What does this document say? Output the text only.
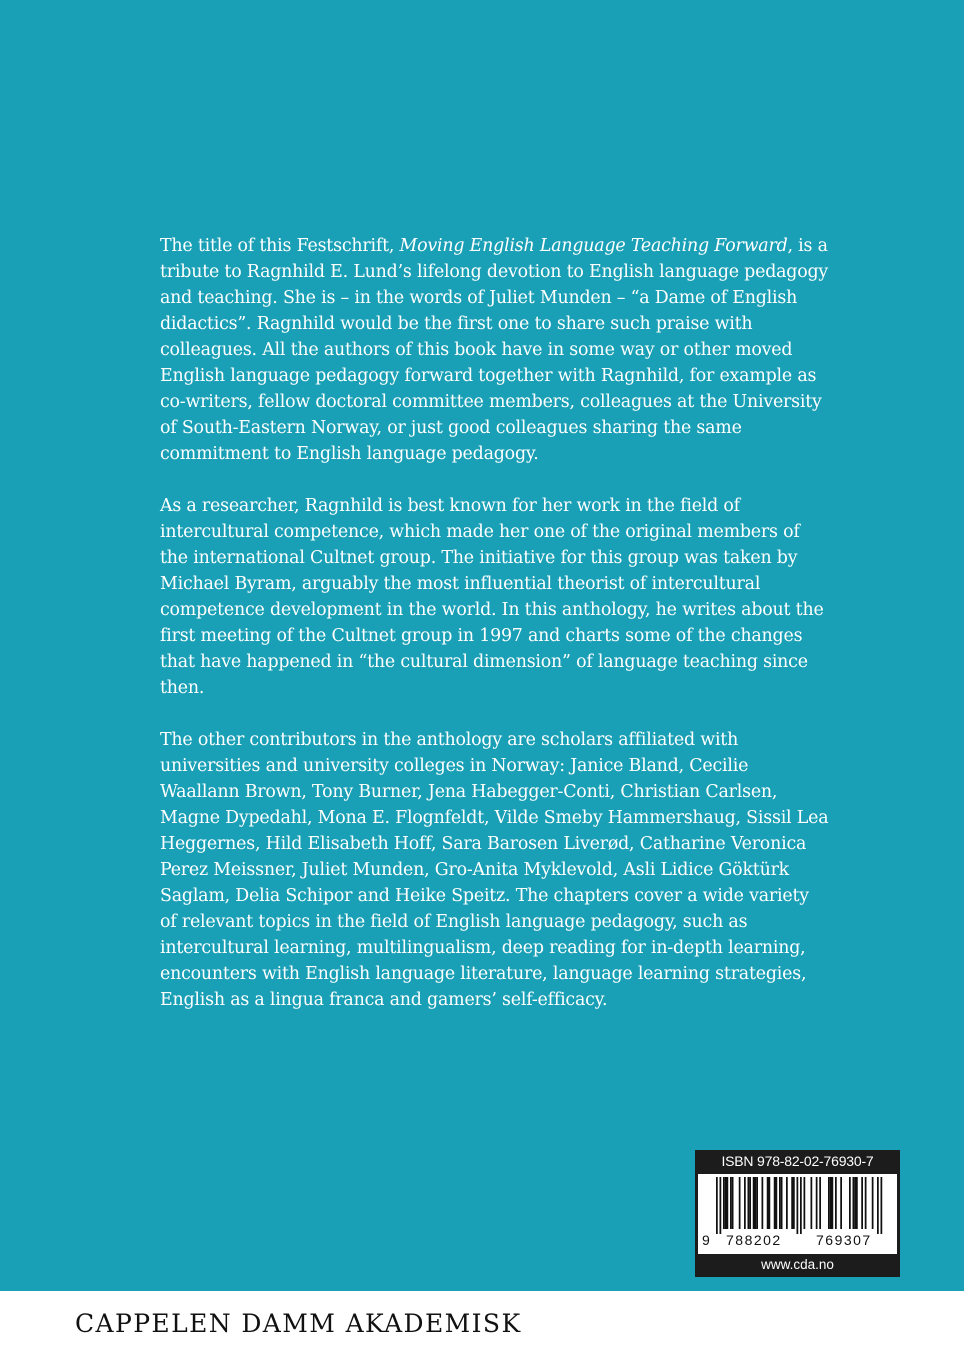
The title of this Festschrift, Moving English Language Teaching Forward, is a tribute to Ragnhild E. Lund’s lifelong devotion to English language pedagogy and teaching. She is – in the words of Juliet Munden – “a Dame of English didactics”. Ragnhild would be the first one to share such praise with colleagues. All the authors of this book have in some way or other moved English language pedagogy forward together with Ragnhild, for example as co-writers, fellow doctoral committee members, colleagues at the University of South-Eastern Norway, or just good colleagues sharing the same commitment to English language pedagogy.

As a researcher, Ragnhild is best known for her work in the field of intercultural competence, which made her one of the original members of the international Cultnet group. The initiative for this group was taken by Michael Byram, arguably the most influential theorist of intercultural competence development in the world. In this anthology, he writes about the first meeting of the Cultnet group in 1997 and charts some of the changes that have happened in “the cultural dimension” of language teaching since then.

The other contributors in the anthology are scholars affiliated with universities and university colleges in Norway: Janice Bland, Cecilie Waallann Brown, Tony Burner, Jena Habegger-Conti, Christian Carlsen, Magne Dypedahl, Mona E. Flognfeldt, Vilde Smeby Hammershaug, Sissil Lea Heggernes, Hild Elisabeth Hoff, Sara Barosen Liverød, Catharine Veronica Perez Meissner, Juliet Munden, Gro-Anita Myklevold, Asli Lidice Göktürk Saglam, Delia Schipor and Heike Speitz. The chapters cover a wide variety of relevant topics in the field of English language pedagogy, such as intercultural learning, multilingualism, deep reading for in-depth learning, encounters with English language literature, language learning strategies, English as a lingua franca and gamers’ self-efficacy.

ISBN 978-82-02-76930-7
9 788202 769307
www.cda.no
CAPPELEN DAMM AKADEMISK
